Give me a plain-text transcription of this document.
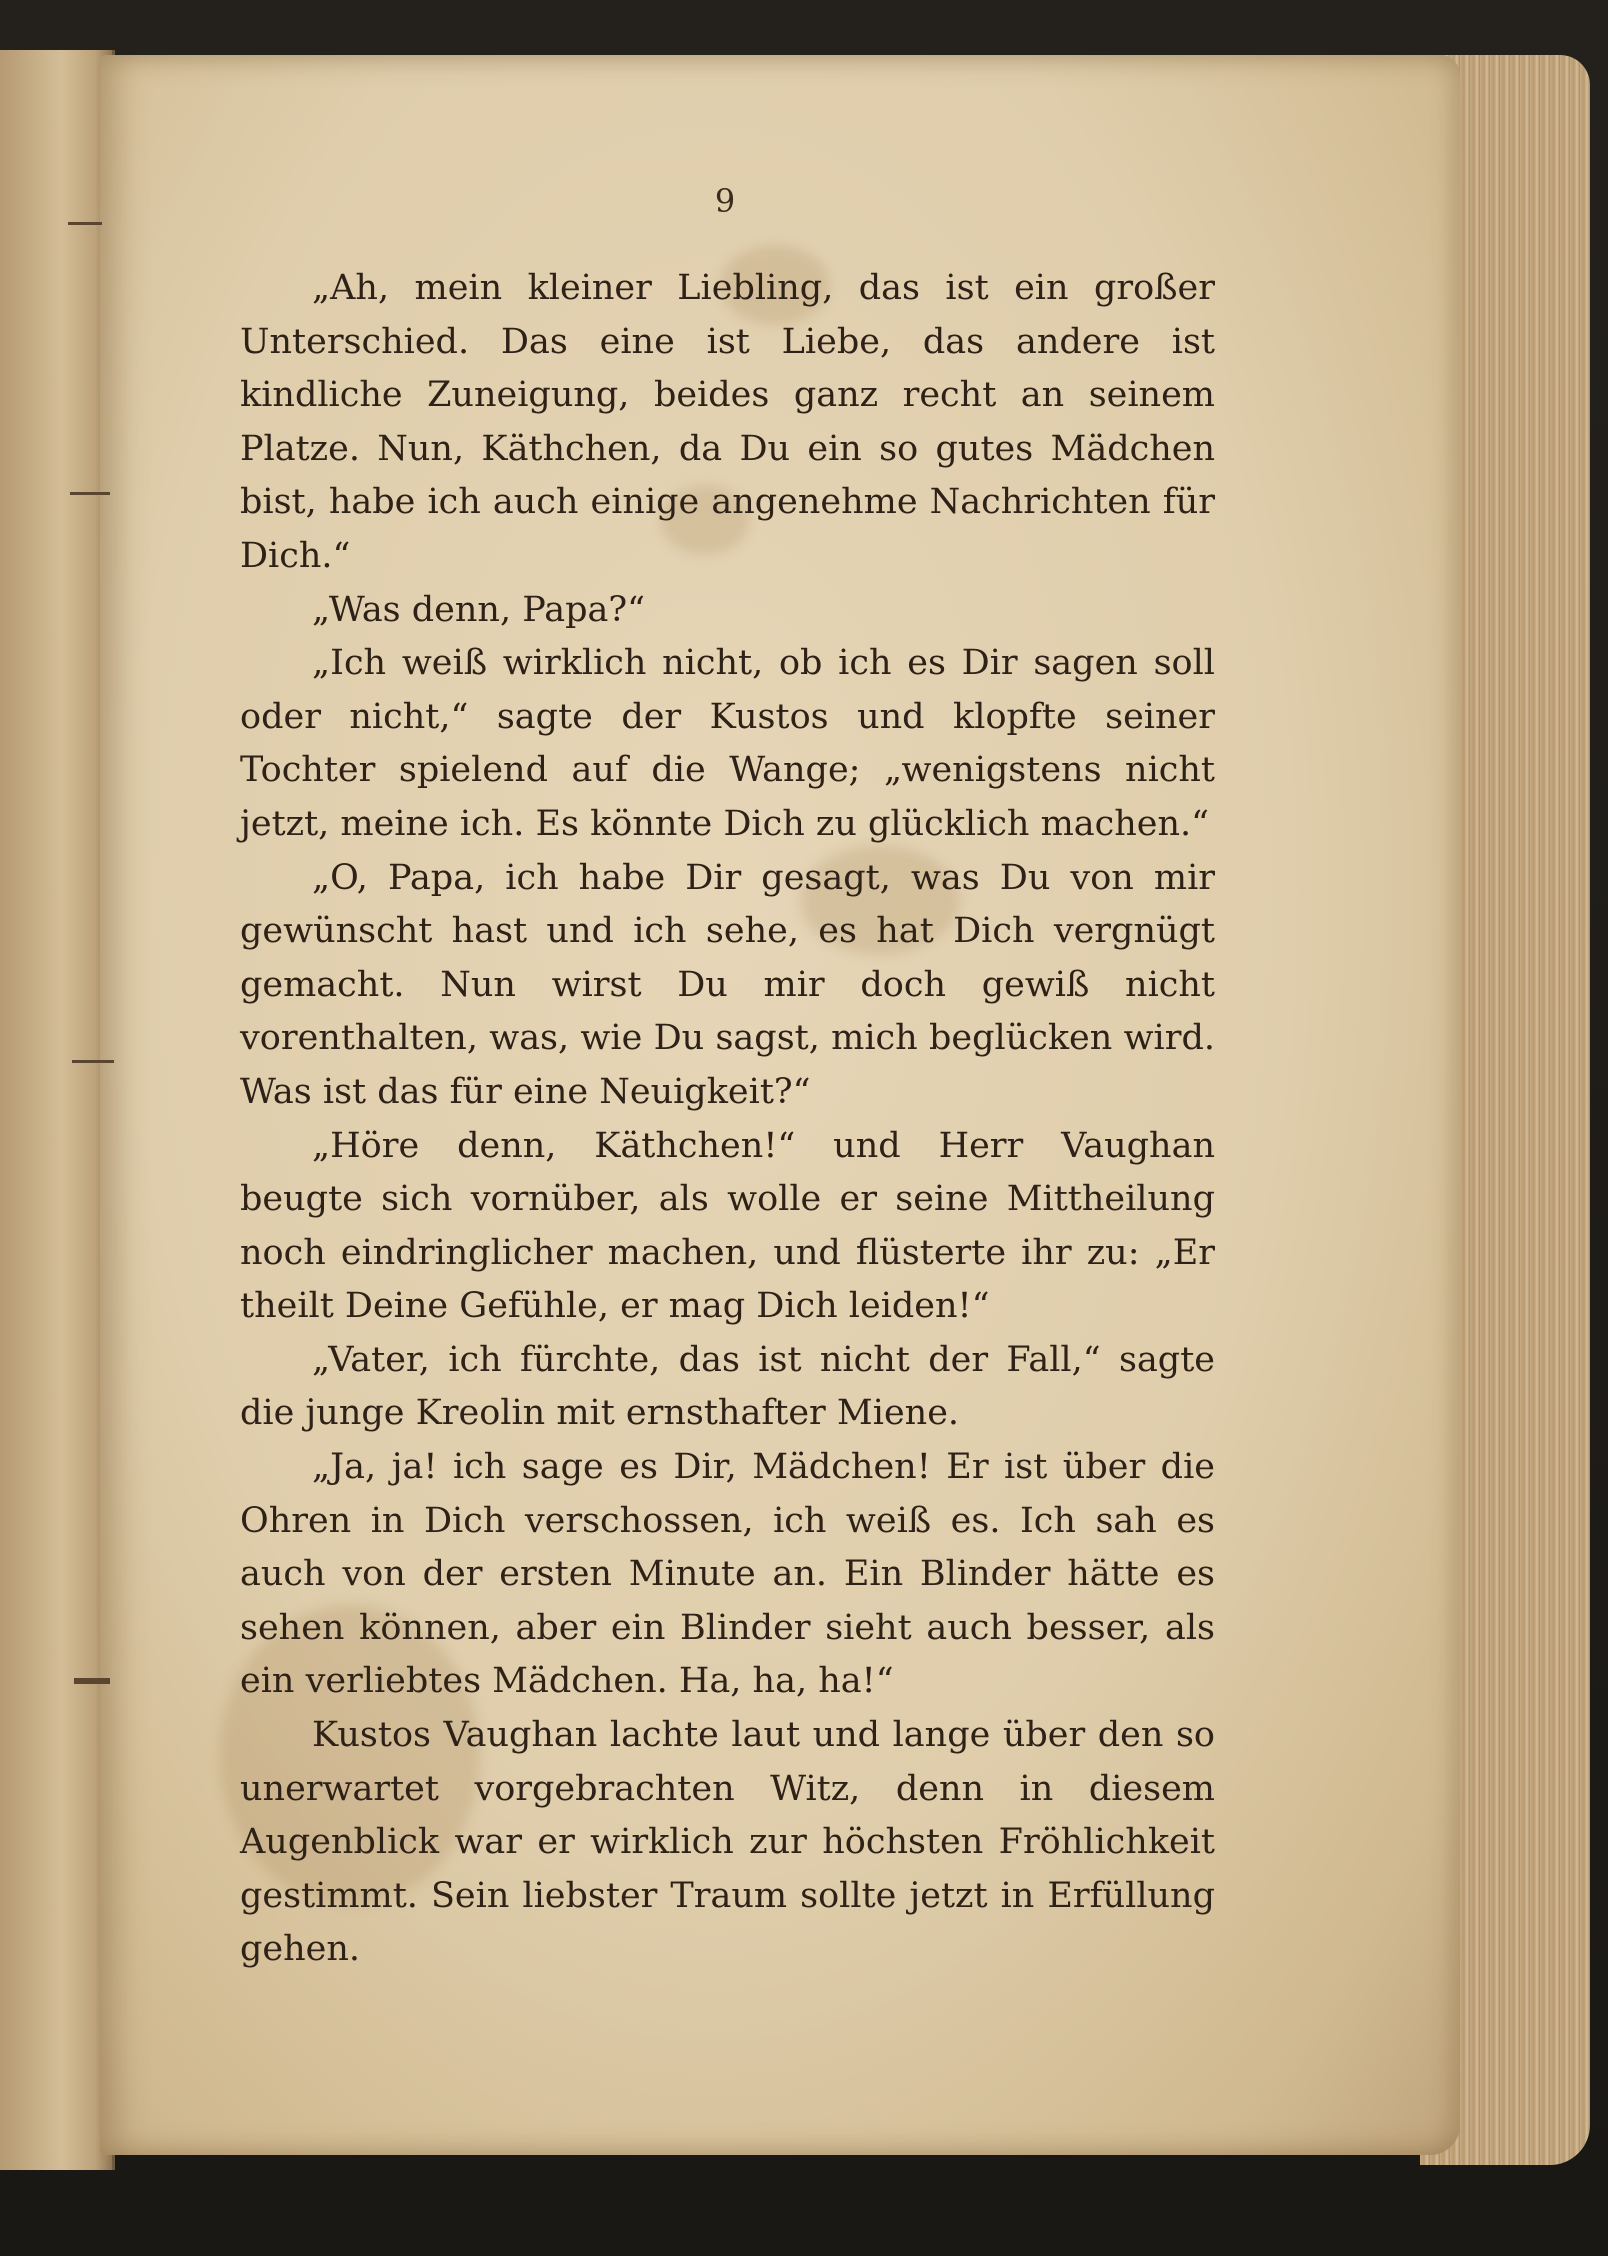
9

„Ah, mein kleiner Liebling, das ist ein großer Unterschied. Das eine ist Liebe, das andere ist kindliche Zuneigung, beides ganz recht an seinem Platze. Nun, Käthchen, da Du ein so gutes Mädchen bist, habe ich auch einige angenehme Nachrichten für Dich.“

„Was denn, Papa?“

„Ich weiß wirklich nicht, ob ich es Dir sagen soll oder nicht,“ sagte der Kustos und klopfte seiner Tochter spielend auf die Wange; „wenigstens nicht jetzt, meine ich. Es könnte Dich zu glücklich machen.“

„O, Papa, ich habe Dir gesagt, was Du von mir gewünscht hast und ich sehe, es hat Dich vergnügt gemacht. Nun wirst Du mir doch gewiß nicht vorenthalten, was, wie Du sagst, mich beglücken wird. Was ist das für eine Neuigkeit?“

„Höre denn, Käthchen!“ und Herr Vaughan beugte sich vornüber, als wolle er seine Mittheilung noch eindringlicher machen, und flüsterte ihr zu: „Er theilt Deine Gefühle, er mag Dich leiden!“

„Vater, ich fürchte, das ist nicht der Fall,“ sagte die junge Kreolin mit ernsthafter Miene.

„Ja, ja! ich sage es Dir, Mädchen! Er ist über die Ohren in Dich verschossen, ich weiß es. Ich sah es auch von der ersten Minute an. Ein Blinder hätte es sehen können, aber ein Blinder sieht auch besser, als ein verliebtes Mädchen. Ha, ha, ha!“

Kustos Vaughan lachte laut und lange über den so unerwartet vorgebrachten Witz, denn in diesem Augenblick war er wirklich zur höchsten Fröhlichkeit gestimmt. Sein liebster Traum sollte jetzt in Erfüllung gehen.
